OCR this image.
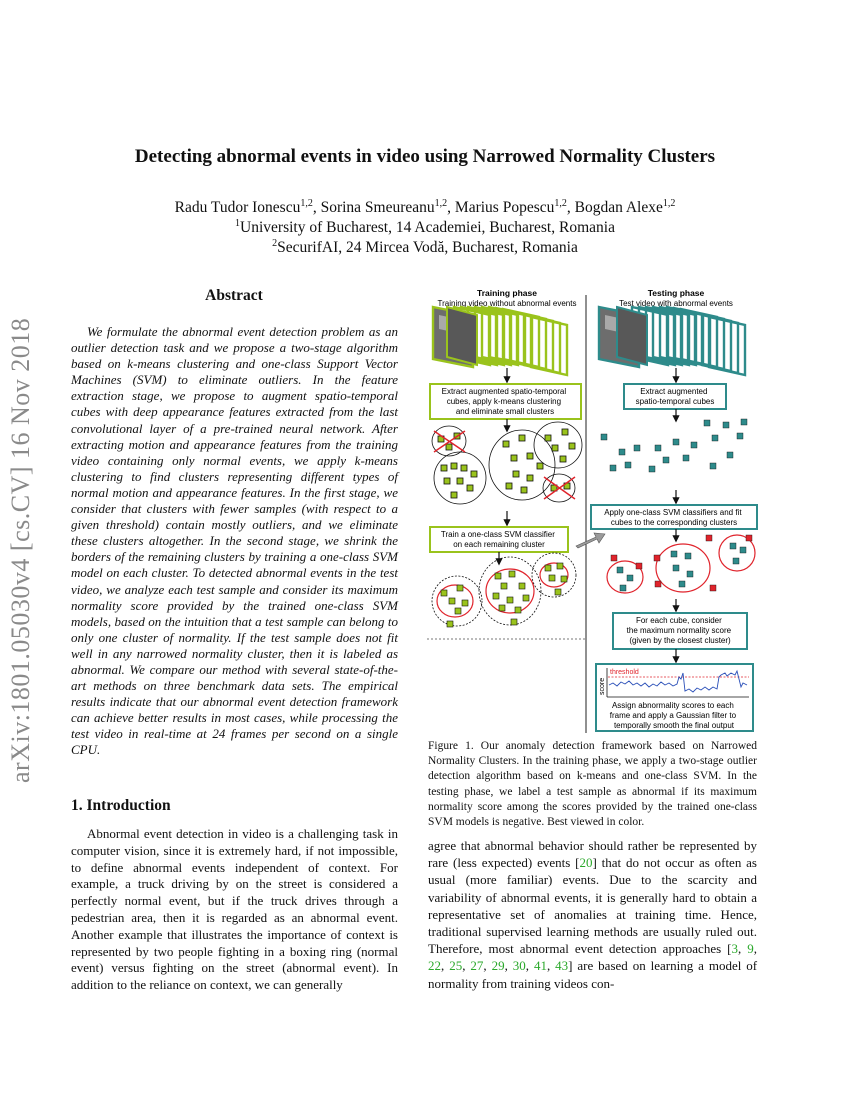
arXiv:1801.05030v4 [cs.CV] 16 Nov 2018
Detecting abnormal events in video using Narrowed Normality Clusters
Radu Tudor Ionescu$^{1,2}$, Sorina Smeureanu$^{1,2}$, Marius Popescu$^{1,2}$, Bogdan Alexe$^{1,2}$
$^1$University of Bucharest, 14 Academiei, Bucharest, Romania
$^2$SecurifAI, 24 Mircea Vodă, Bucharest, Romania
Abstract
We formulate the abnormal event detection problem as an outlier detection task and we propose a two-stage algorithm based on k-means clustering and one-class Support Vector Machines (SVM) to eliminate outliers. In the feature extraction stage, we propose to augment spatio-temporal cubes with deep appearance features extracted from the last convolutional layer of a pre-trained neural network. After extracting motion and appearance features from the training video containing only normal events, we apply k-means clustering to find clusters representing different types of normal motion and appearance features. In the first stage, we consider that clusters with fewer samples (with respect to a given threshold) contain mostly outliers, and we eliminate these clusters altogether. In the second stage, we shrink the borders of the remaining clusters by training a one-class SVM model on each cluster. To detected abnormal events in the test video, we analyze each test sample and consider its maximum normality score provided by the trained one-class SVM models, based on the intuition that a test sample can belong to only one cluster of normality. If the test sample does not fit well in any narrowed normality cluster, then it is labeled as abnormal. We compare our method with several state-of-the-art methods on three benchmark data sets. The empirical results indicate that our abnormal event detection framework can achieve better results in most cases, while processing the test video in real-time at 24 frames per second on a single CPU.
1. Introduction
Abnormal event detection in video is a challenging task in computer vision, since it is extremely hard, if not impossible, to define abnormal events independent of context. For example, a truck driving by on the street is considered a perfectly normal event, but if the truck drives through a pedestrian area, then it is regarded as an abnormal event. Another example that illustrates the importance of context is represented by two people fighting in a boxing ring (normal event) versus fighting on the street (abnormal event). In addition to the reliance on context, we can generally
Training phase
Training video without abnormal events
Testing phase
Test video with abnormal events
Extract augmented spatio-temporal cubes, apply k-means clustering and eliminate small clusters
Train a one-class SVM classifier on each remaining cluster
Extract augmented spatio-temporal cubes
Apply one-class SVM classifiers and fit cubes to the corresponding clusters
For each cube, consider the maximum normality score (given by the closest cluster)
score
threshold
Assign abnormality scores to each frame and apply a Gaussian filter to temporally smooth the final output
Figure 1. Our anomaly detection framework based on Narrowed Normality Clusters. In the training phase, we apply a two-stage outlier detection algorithm based on k-means and one-class SVM. In the testing phase, we label a test sample as abnormal if its maximum normality score among the scores provided by the trained one-class SVM models is negative. Best viewed in color.
agree that abnormal behavior should rather be represented by rare (less expected) events [20] that do not occur as often as usual (more familiar) events. Due to the scarcity and variability of abnormal events, it is generally hard to obtain a representative set of anomalies at training time. Hence, traditional supervised learning methods are usually ruled out. Therefore, most abnormal event detection approaches [3, 9, 22, 25, 27, 29, 30, 41, 43] are based on learning a model of normality from training videos con-
